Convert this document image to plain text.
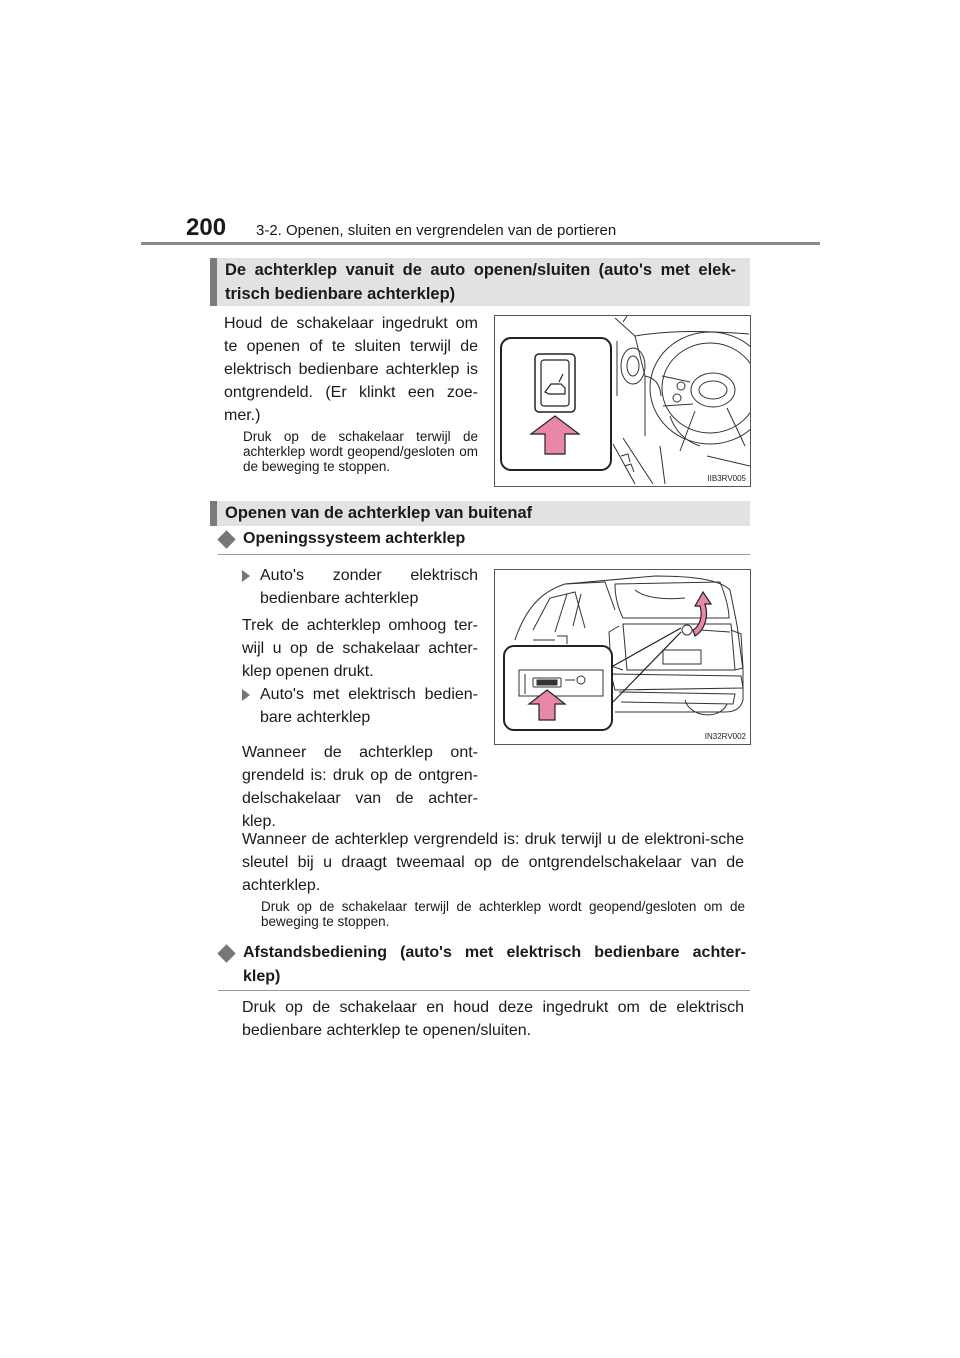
200 3-2. Openen, sluiten en vergrendelen van de portieren
De achterklep vanuit de auto openen/sluiten (auto's met elek-
trisch bedienbare achterklep)
Houd de schakelaar ingedrukt om te openen of te sluiten terwijl de elektrisch bedienbare achterklep is ontgrendeld. (Er klinkt een zoe-mer.)
Druk op de schakelaar terwijl de achterklep wordt geopend/gesloten om de beweging te stoppen.
IIB3RV005
Openen van de achterklep van buitenaf
Openingssysteem achterklep
Auto's zonder elektrisch bedienbare achterklep
Trek de achterklep omhoog ter-wijl u op de schakelaar achter-klep openen drukt.
Auto's met elektrisch bedien-bare achterklep
Wanneer de achterklep ont-grendeld is: druk op de ontgren-delschakelaar van de achter-klep.
Wanneer de achterklep vergrendeld is: druk terwijl u de elektroni-sche sleutel bij u draagt tweemaal op de ontgrendelschakelaar van de achterklep.
Druk op de schakelaar terwijl de achterklep wordt geopend/gesloten om de beweging te stoppen.
IN32RV002
Afstandsbediening (auto's met elektrisch bedienbare achter-
klep)
Druk op de schakelaar en houd deze ingedrukt om de elektrisch bedienbare achterklep te openen/sluiten.
